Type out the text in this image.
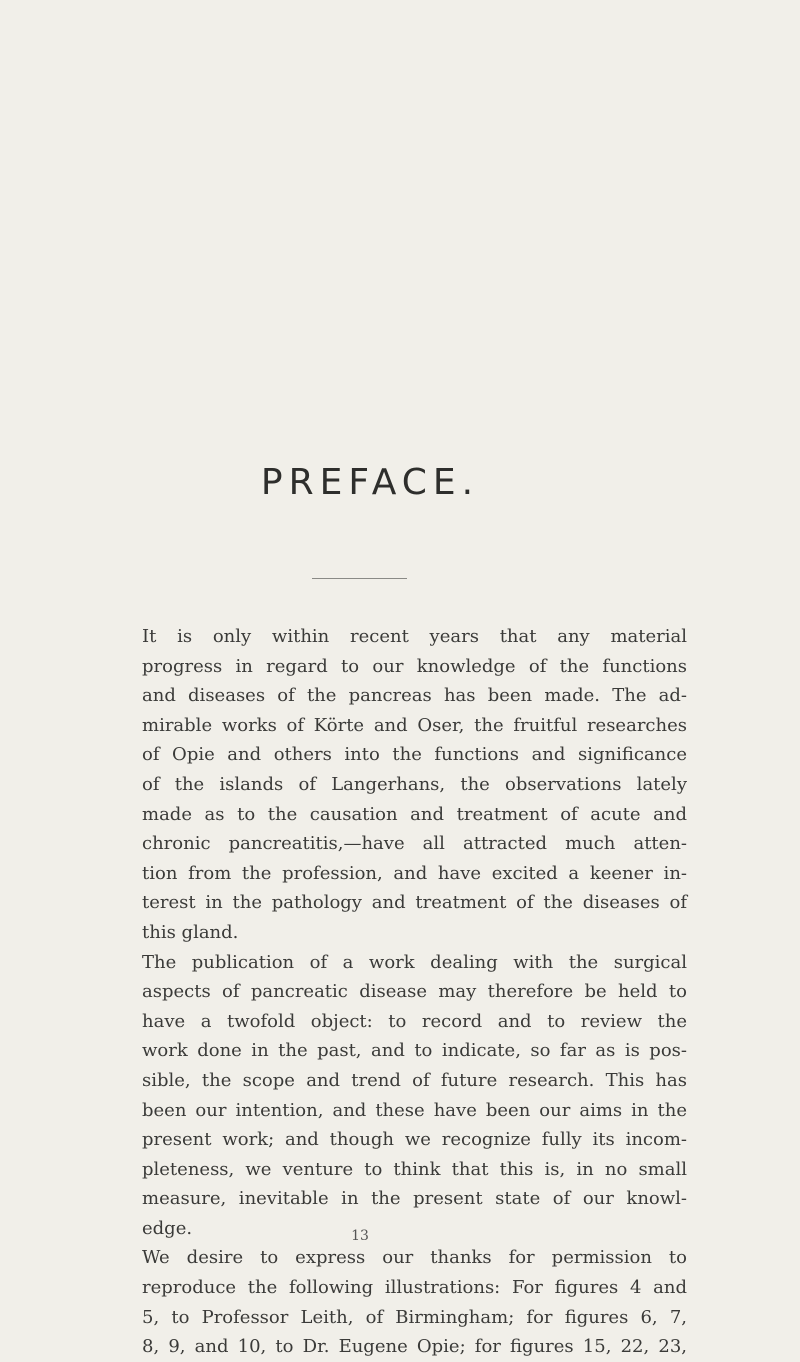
PREFACE.
It is only within recent years that any material
progress in regard to our knowledge of the functions
and diseases of the pancreas has been made. The ad-
mirable works of Körte and Oser, the fruitful researches
of Opie and others into the functions and significance
of the islands of Langerhans, the observations lately
made as to the causation and treatment of acute and
chronic pancreatitis,—have all attracted much atten-
tion from the profession, and have excited a keener in-
terest in the pathology and treatment of the diseases of
this gland.
The publication of a work dealing with the surgical
aspects of pancreatic disease may therefore be held to
have a twofold object: to record and to review the
work done in the past, and to indicate, so far as is pos-
sible, the scope and trend of future research. This has
been our intention, and these have been our aims in the
present work; and though we recognize fully its incom-
pleteness, we venture to think that this is, in no small
measure, inevitable in the present state of our knowl-
edge.
We desire to express our thanks for permission to
reproduce the following illustrations: For figures 4 and
5, to Professor Leith, of Birmingham; for figures 6, 7,
8, 9, and 10, to Dr. Eugene Opie; for figures 15, 22, 23,
13
